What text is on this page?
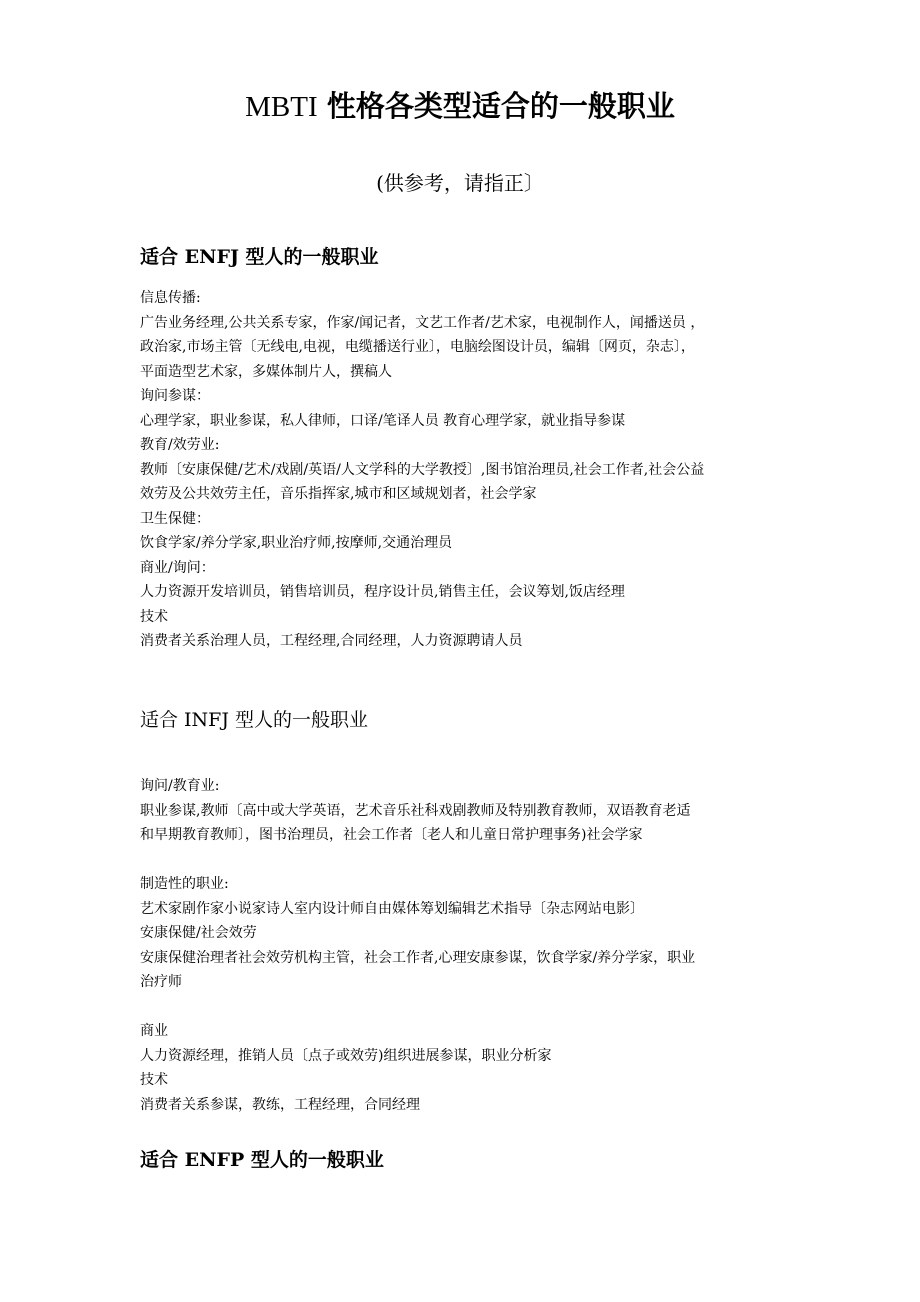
MBTI 性格各类型适合的一般职业

(供参考，请指正〕

适合 ENFJ 型人的一般职业

信息传播:

广告业务经理,公共关系专家，作家/闻记者，文艺工作者/艺术家，电视制作人，闻播送员 ，

政治家,市场主管〔无线电,电视，电缆播送行业〕，电脑绘图设计员，编辑〔网页，杂志〕，

平面造型艺术家，多媒体制片人，撰稿人

询问参谋：

心理学家，职业参谋，私人律师，口译/笔译人员 教育心理学家，就业指导参谋

教育/效劳业:

教师〔安康保健/艺术/戏剧/英语/人文学科的大学教授〕,图书馆治理员,社会工作者,社会公益

效劳及公共效劳主任，音乐指挥家,城市和区域规划者，社会学家

卫生保健：

饮食学家/养分学家,职业治疗师,按摩师,交通治理员

商业/询问：

人力资源开发培训员，销售培训员，程序设计员,销售主任，会议筹划,饭店经理

技术

消费者关系治理人员，工程经理,合同经理，人力资源聘请人员

适合 INFJ 型人的一般职业

询问/教育业:

职业参谋,教师〔高中或大学英语，艺术音乐社科戏剧教师及特别教育教师，双语教育老适

和早期教育教师〕，图书治理员，社会工作者〔老人和儿童日常护理事务)社会学家

制造性的职业:

艺术家剧作家小说家诗人室内设计师自由媒体筹划编辑艺术指导〔杂志网站电影〕

安康保健/社会效劳

安康保健治理者社会效劳机构主管，社会工作者,心理安康参谋，饮食学家/养分学家，职业

治疗师

商业

人力资源经理，推销人员〔点子或效劳)组织进展参谋，职业分析家

技术

消费者关系参谋，教练，工程经理，合同经理

适合 ENFP 型人的一般职业
